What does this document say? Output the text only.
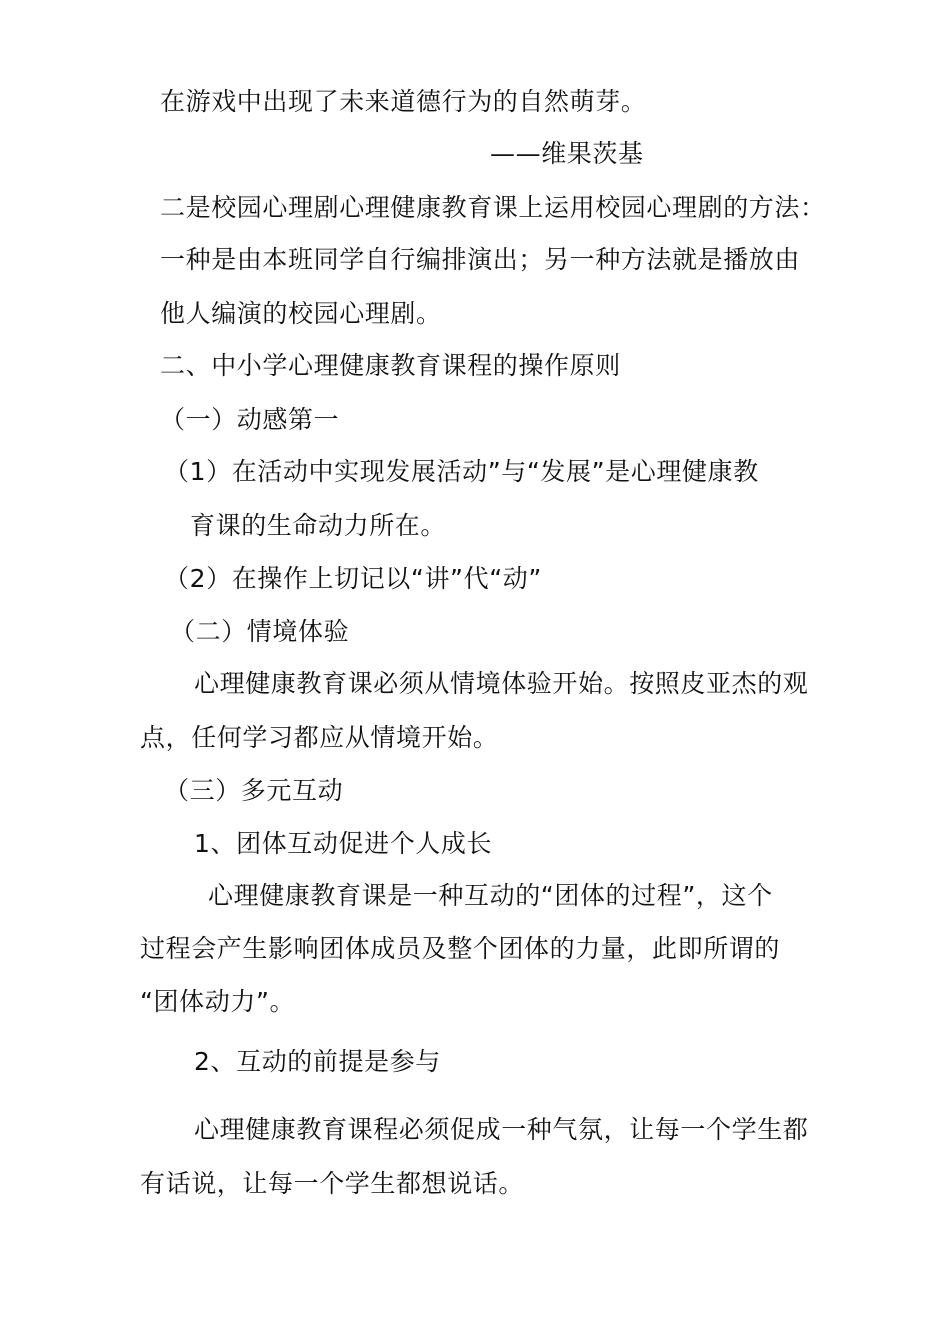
在游戏中出现了未来道德行为的自然萌芽。
——维果茨基
二是校园心理剧心理健康教育课上运用校园心理剧的方法：
一种是由本班同学自行编排演出；另一种方法就是播放由
他人编演的校园心理剧。
二、中小学心理健康教育课程的操作原则
（一）动感第一
（1）在活动中实现发展活动”与“发展”是心理健康教
育课的生命动力所在。
（2）在操作上切记以“讲”代“动”
（二）情境体验
心理健康教育课必须从情境体验开始。按照皮亚杰的观
点，任何学习都应从情境开始。
（三）多元互动
1、团体互动促进个人成长
心理健康教育课是一种互动的“团体的过程”，这个
过程会产生影响团体成员及整个团体的力量，此即所谓的
“团体动力”。
2、互动的前提是参与
心理健康教育课程必须促成一种气氛，让每一个学生都
有话说，让每一个学生都想说话。
